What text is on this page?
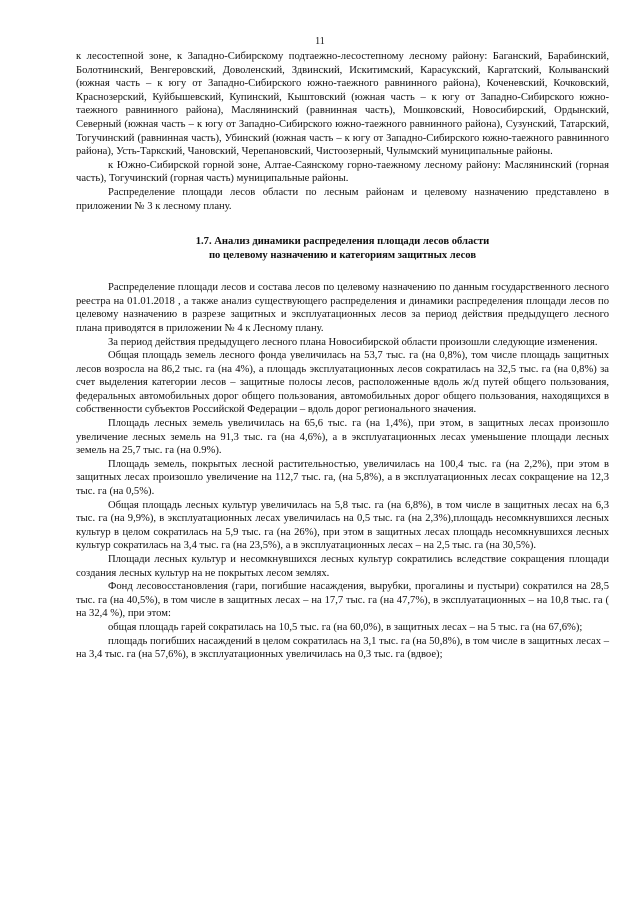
11

к лесостепной зоне, к Западно-Сибирскому подтаежно-лесостепному лесному району: Баганский, Барабинский, Болотнинский, Венгеровский, Доволенский, Здвинский, Искитимский, Карасукский, Каргатский, Колыванский (южная часть – к югу от Западно-Сибирского южно-таежного равнинного района), Коченевский, Кочковский, Краснозерский, Куйбышевский, Купинский, Кыштовский (южная часть – к югу от Западно-Сибирского южно-таежного равнинного района), Маслянинский (равнинная часть), Мошковский, Новосибирский, Ордынский, Северный (южная часть – к югу от Западно-Сибирского южно-таежного равнинного района), Сузунский, Татарский, Тогучинский (равнинная часть), Убинский (южная часть – к югу от Западно-Сибирского южно-таежного равнинного района), Усть-Таркский, Чановский, Черепановский, Чистоозерный, Чулымский муниципальные районы.

к Южно-Сибирской горной зоне, Алтае-Саянскому горно-таежному лесному району: Маслянинский (горная часть), Тогучинский (горная часть) муниципальные районы.

Распределение площади лесов области по лесным районам и целевому назначению представлено в приложении № 3 к лесному плану.

1.7. Анализ динамики распределения площади лесов области
по целевому назначению и категориям защитных лесов

Распределение площади лесов и состава лесов по целевому назначению по данным государственного лесного реестра на 01.01.2018 , а также анализ существующего распределения и динамики распределения площади лесов по целевому назначению в разрезе защитных и эксплуатационных лесов за период действия предыдущего лесного плана приводятся в приложении № 4 к Лесному плану.

За период действия предыдущего лесного плана Новосибирской области произошли следующие изменения.

Общая площадь земель лесного фонда увеличилась на 53,7 тыс. га (на 0,8%), том числе площадь защитных лесов возросла на 86,2 тыс. га (на 4%), а площадь эксплуатационных лесов сократилась на 32,5 тыс. га (на 0,8%) за счет выделения категории лесов – защитные полосы лесов, расположенные вдоль ж/д путей общего пользования, федеральных автомобильных дорог общего пользования, автомобильных дорог общего пользования, находящихся в собственности субъектов Российской Федерации – вдоль дорог регионального значения.

Площадь лесных земель увеличилась на 65,6 тыс. га (на 1,4%), при этом, в защитных лесах произошло увеличение лесных земель на 91,3 тыс. га (на 4,6%), а в эксплуатационных лесах уменьшение площади лесных земель на 25,7 тыс. га (на 0.9%).

Площадь земель, покрытых лесной растительностью, увеличилась на 100,4 тыс. га (на 2,2%), при этом в защитных лесах произошло увеличение на 112,7 тыс. га, (на 5,8%), а в эксплуатационных лесах сокращение на 12,3 тыс. га (на 0,5%).

Общая площадь лесных культур увеличилась на 5,8 тыс. га (на 6,8%), в том числе в защитных лесах на 6,3 тыс. га (на 9,9%), в эксплуатационных лесах увеличилась на 0,5 тыс. га (на 2,3%),площадь несомкнувшихся лесных культур в целом сократилась на 5,9 тыс. га (на 26%), при этом в защитных лесах площадь несомкнувшихся лесных культур сократилась на 3,4 тыс. га (на 23,5%), а в эксплуатационных лесах – на 2,5 тыс. га (на 30,5%).

Площади лесных культур и несомкнувшихся лесных культур сократились вследствие сокращения площади создания лесных культур на не покрытых лесом землях.

Фонд лесовосстановления (гари, погибшие насаждения, вырубки, прогалины и пустыри) сократился на 28,5 тыс. га (на 40,5%), в том числе в защитных лесах – на 17,7 тыс. га (на 47,7%), в эксплуатационных – на 10,8 тыс. га ( на 32,4 %), при этом:

общая площадь гарей сократилась на 10,5 тыс. га (на 60,0%), в защитных лесах – на 5 тыс. га (на 67,6%);

площадь погибших насаждений в целом сократилась на 3,1 тыс. га (на 50,8%), в том числе в защитных лесах – на 3,4 тыс. га (на 57,6%), в эксплуатационных увеличилась на 0,3 тыс. га (вдвое);
